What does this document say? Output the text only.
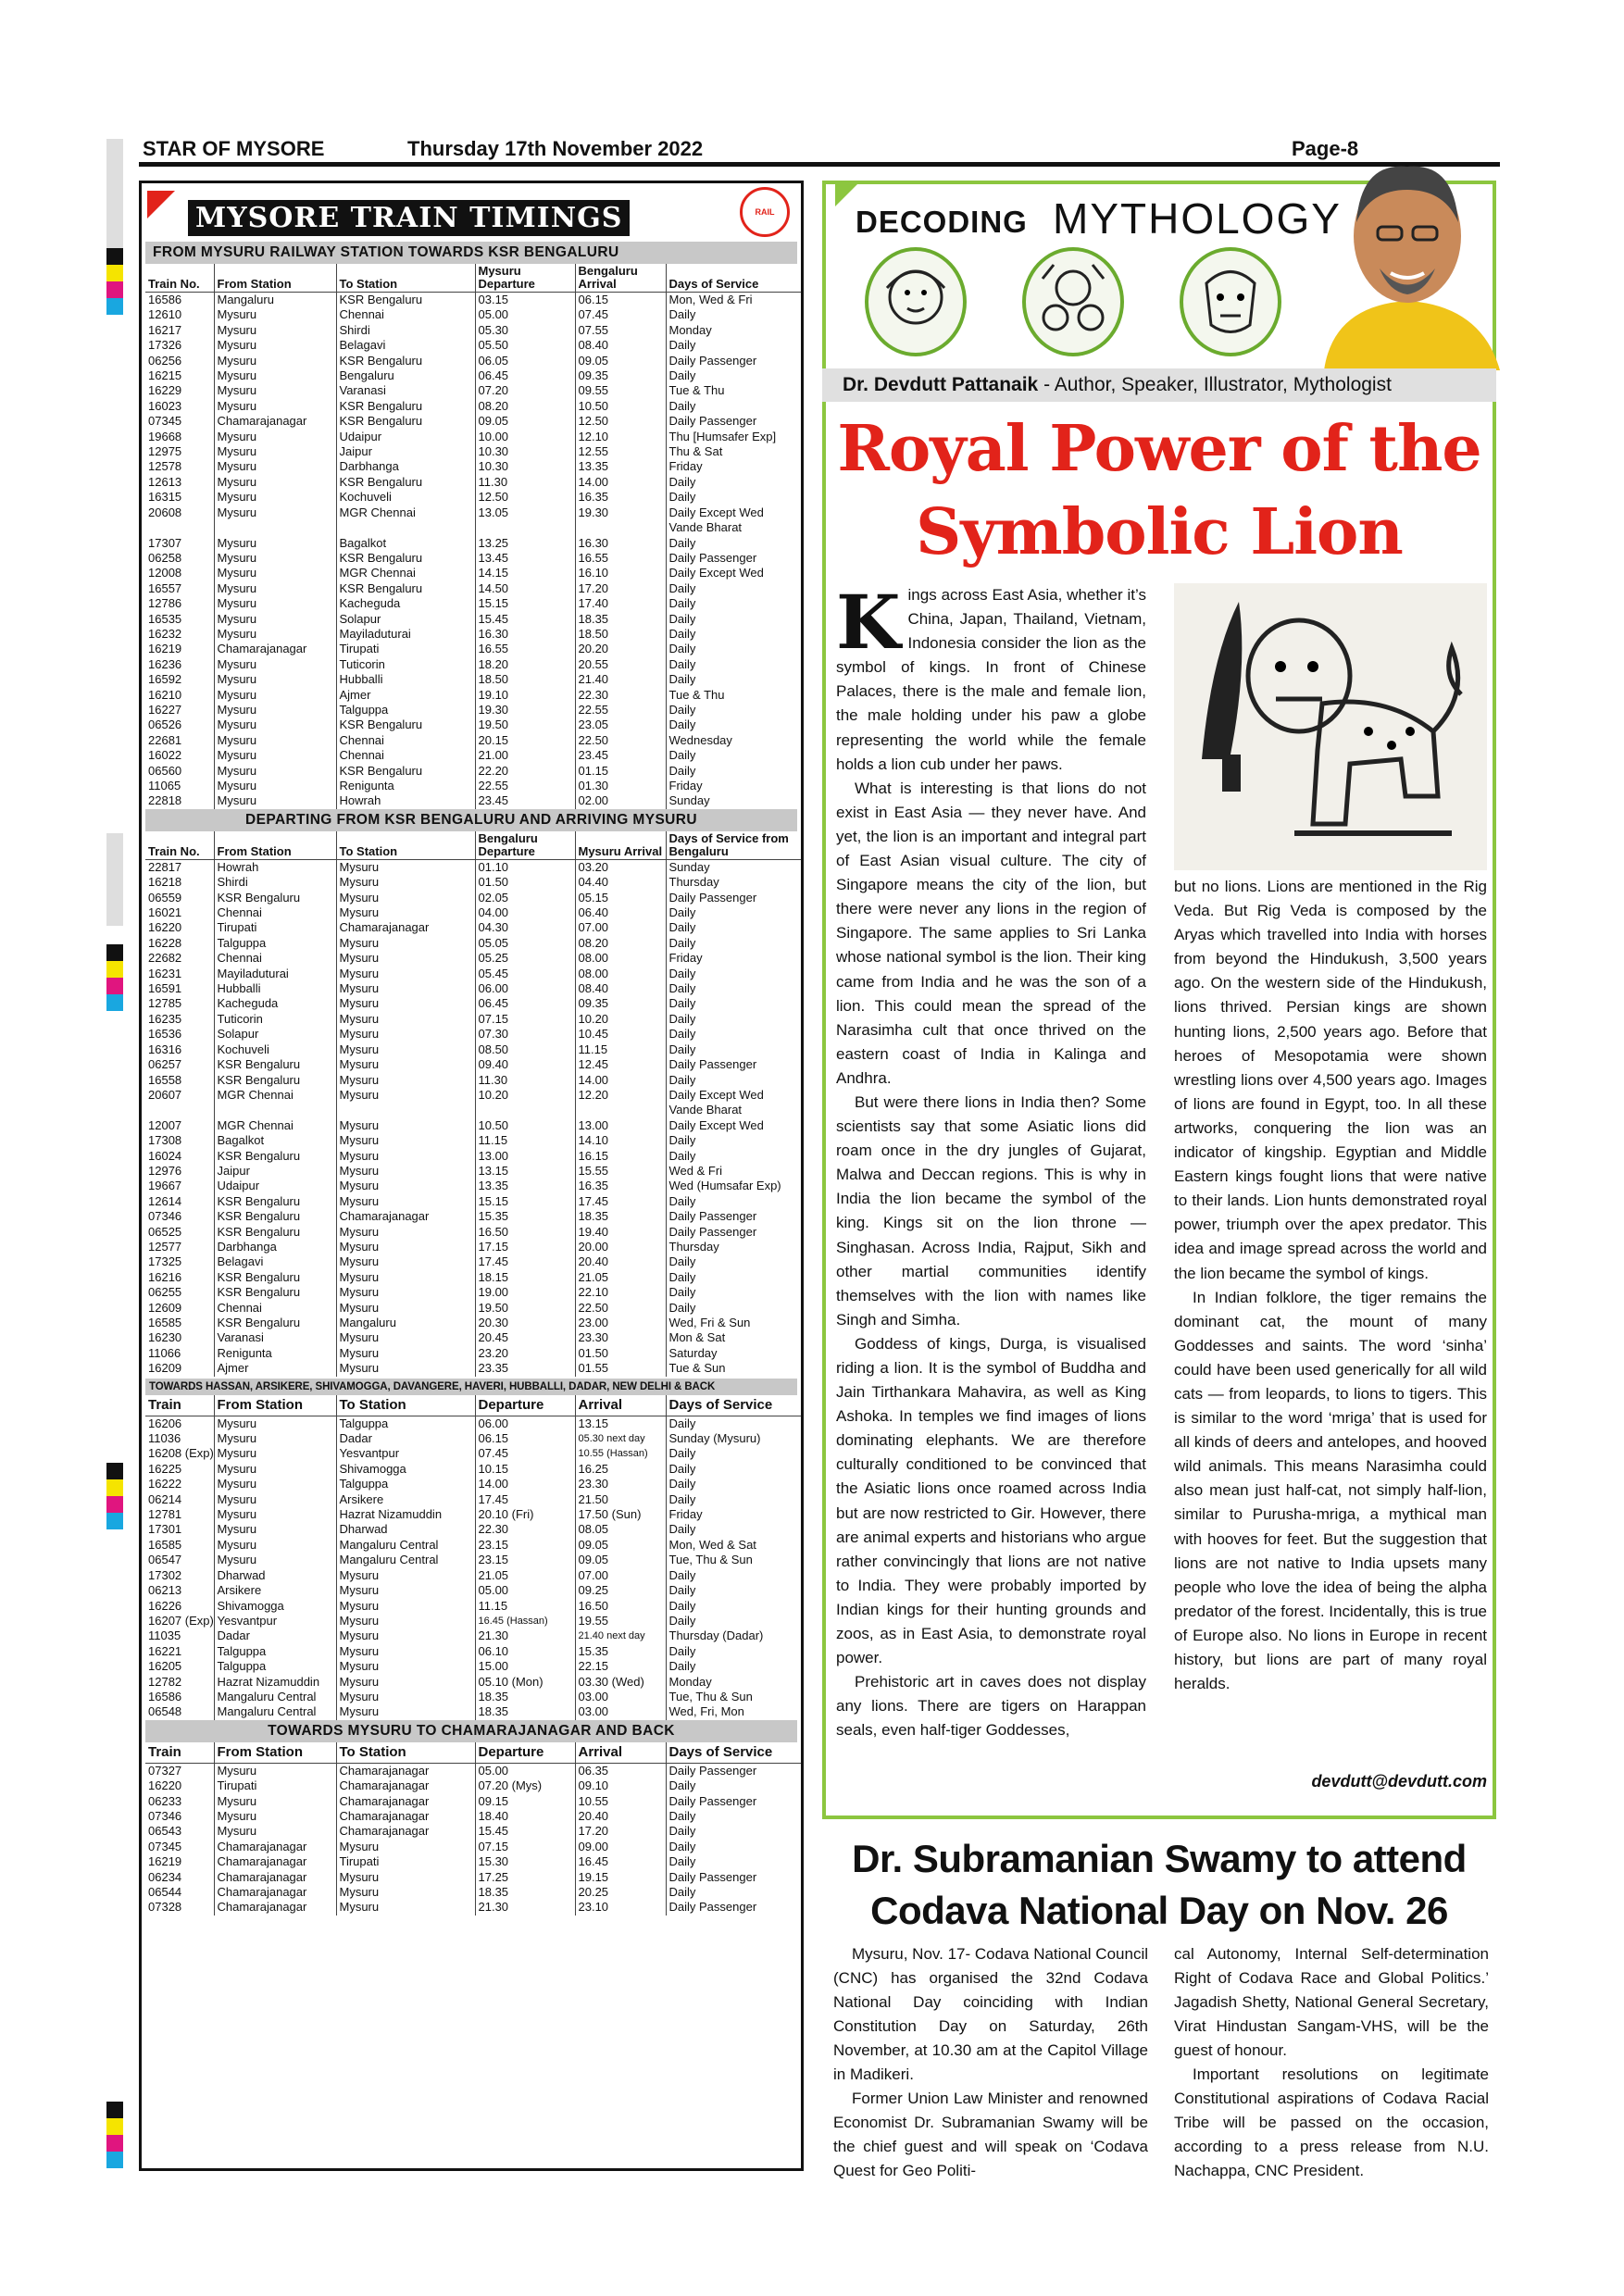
STAR OF MYSORE	Thursday 17th November 2022	Page-8
MYSORE TRAIN TIMINGS	RAIL
FROM MYSURU RAILWAY STATION TOWARDS KSR BENGALURU
Train No.	From Station	To Station	Mysuru Departure	Bengaluru Arrival	Days of Service
16586	Mangaluru	KSR Bengaluru	03.15	06.15	Mon, Wed & Fri
12610	Mysuru	Chennai	05.00	07.45	Daily
16217	Mysuru	Shirdi	05.30	07.55	Monday
17326	Mysuru	Belagavi	05.50	08.40	Daily
06256	Mysuru	KSR Bengaluru	06.05	09.05	Daily Passenger
16215	Mysuru	Bengaluru	06.45	09.35	Daily
16229	Mysuru	Varanasi	07.20	09.55	Tue & Thu
16023	Mysuru	KSR Bengaluru	08.20	10.50	Daily
07345	Chamarajanagar	KSR Bengaluru	09.05	12.50	Daily Passenger
19668	Mysuru	Udaipur	10.00	12.10	Thu [Humsafer Exp]
12975	Mysuru	Jaipur	10.30	12.55	Thu & Sat
12578	Mysuru	Darbhanga	10.30	13.35	Friday
12613	Mysuru	KSR Bengaluru	11.30	14.00	Daily
16315	Mysuru	Kochuveli	12.50	16.35	Daily
20608	Mysuru	MGR Chennai	13.05	19.30	Daily Except Wed Vande Bharat
17307	Mysuru	Bagalkot	13.25	16.30	Daily
06258	Mysuru	KSR Bengaluru	13.45	16.55	Daily Passenger
12008	Mysuru	MGR Chennai	14.15	16.10	Daily Except Wed
16557	Mysuru	KSR Bengaluru	14.50	17.20	Daily
12786	Mysuru	Kacheguda	15.15	17.40	Daily
16535	Mysuru	Solapur	15.45	18.35	Daily
16232	Mysuru	Mayiladuturai	16.30	18.50	Daily
16219	Chamarajanagar	Tirupati	16.55	20.20	Daily
16236	Mysuru	Tuticorin	18.20	20.55	Daily
16592	Mysuru	Hubballi	18.50	21.40	Daily
16210	Mysuru	Ajmer	19.10	22.30	Tue & Thu
16227	Mysuru	Talguppa	19.30	22.55	Daily
06526	Mysuru	KSR Bengaluru	19.50	23.05	Daily
22681	Mysuru	Chennai	20.15	22.50	Wednesday
16022	Mysuru	Chennai	21.00	23.45	Daily
06560	Mysuru	KSR Bengaluru	22.20	01.15	Daily
11065	Mysuru	Renigunta	22.55	01.30	Friday
22818	Mysuru	Howrah	23.45	02.00	Sunday
DEPARTING FROM KSR BENGALURU AND ARRIVING MYSURU
Train No.	From Station	To Station	Bengaluru Departure	Mysuru Arrival	Days of Service from Bengaluru
22817	Howrah	Mysuru	01.10	03.20	Sunday
16218	Shirdi	Mysuru	01.50	04.40	Thursday
06559	KSR Bengaluru	Mysuru	02.05	05.15	Daily Passenger
16021	Chennai	Mysuru	04.00	06.40	Daily
16220	Tirupati	Chamarajanagar	04.30	07.00	Daily
16228	Talguppa	Mysuru	05.05	08.20	Daily
22682	Chennai	Mysuru	05.25	08.00	Friday
16231	Mayiladuturai	Mysuru	05.45	08.00	Daily
16591	Hubballi	Mysuru	06.00	08.40	Daily
12785	Kacheguda	Mysuru	06.45	09.35	Daily
16235	Tuticorin	Mysuru	07.15	10.20	Daily
16536	Solapur	Mysuru	07.30	10.45	Daily
16316	Kochuveli	Mysuru	08.50	11.15	Daily
06257	KSR Bengaluru	Mysuru	09.40	12.45	Daily Passenger
16558	KSR Bengaluru	Mysuru	11.30	14.00	Daily
20607	MGR Chennai	Mysuru	10.20	12.20	Daily Except Wed Vande Bharat
12007	MGR Chennai	Mysuru	10.50	13.00	Daily Except Wed
17308	Bagalkot	Mysuru	11.15	14.10	Daily
16024	KSR Bengaluru	Mysuru	13.00	16.15	Daily
12976	Jaipur	Mysuru	13.15	15.55	Wed & Fri
19667	Udaipur	Mysuru	13.35	16.35	Wed (Humsafar Exp)
12614	KSR Bengaluru	Mysuru	15.15	17.45	Daily
07346	KSR Bengaluru	Chamarajanagar	15.35	18.35	Daily Passenger
06525	KSR Bengaluru	Mysuru	16.50	19.40	Daily Passenger
12577	Darbhanga	Mysuru	17.15	20.00	Thursday
17325	Belagavi	Mysuru	17.45	20.40	Daily
16216	KSR Bengaluru	Mysuru	18.15	21.05	Daily
06255	KSR Bengaluru	Mysuru	19.00	22.10	Daily
12609	Chennai	Mysuru	19.50	22.50	Daily
16585	KSR Bengaluru	Mangaluru	20.30	23.00	Wed, Fri & Sun
16230	Varanasi	Mysuru	20.45	23.30	Mon & Sat
11066	Renigunta	Mysuru	23.20	01.50	Saturday
16209	Ajmer	Mysuru	23.35	01.55	Tue & Sun
TOWARDS HASSAN, ARSIKERE, SHIVAMOGGA, DAVANGERE, HAVERI, HUBBALLI, DADAR, NEW DELHI & BACK
Train	From Station	To Station	Departure	Arrival	Days of Service
16206	Mysuru	Talguppa	06.00	13.15	Daily
11036	Mysuru	Dadar	06.15	05.30 next day	Sunday (Mysuru)
16208 (Exp)	Mysuru	Yesvantpur	07.45	10.55 (Hassan)	Daily
16225	Mysuru	Shivamogga	10.15	16.25	Daily
16222	Mysuru	Talguppa	14.00	23.30	Daily
06214	Mysuru	Arsikere	17.45	21.50	Daily
12781	Mysuru	Hazrat Nizamuddin	20.10 (Fri)	17.50 (Sun)	Friday
17301	Mysuru	Dharwad	22.30	08.05	Daily
16585	Mysuru	Mangaluru Central	23.15	09.05	Mon, Wed & Sat
06547	Mysuru	Mangaluru Central	23.15	09.05	Tue, Thu & Sun
17302	Dharwad	Mysuru	21.05	07.00	Daily
06213	Arsikere	Mysuru	05.00	09.25	Daily
16226	Shivamogga	Mysuru	11.15	16.50	Daily
16207 (Exp)	Yesvantpur	Mysuru	16.45 (Hassan)	19.55	Daily
11035	Dadar	Mysuru	21.30	21.40 next day	Thursday (Dadar)
16221	Talguppa	Mysuru	06.10	15.35	Daily
16205	Talguppa	Mysuru	15.00	22.15	Daily
12782	Hazrat Nizamuddin	Mysuru	05.10 (Mon)	03.30 (Wed)	Monday
16586	Mangaluru Central	Mysuru	18.35	03.00	Tue, Thu & Sun
06548	Mangaluru Central	Mysuru	18.35	03.00	Wed, Fri, Mon
TOWARDS MYSURU TO CHAMARAJANAGAR AND BACK
Train	From Station	To Station	Departure	Arrival	Days of Service
07327	Mysuru	Chamarajanagar	05.00	06.35	Daily Passenger
16220	Tirupati	Chamarajanagar	07.20 (Mys)	09.10	Daily
06233	Mysuru	Chamarajanagar	09.15	10.55	Daily Passenger
07346	Mysuru	Chamarajanagar	18.40	20.40	Daily
06543	Mysuru	Chamarajanagar	15.45	17.20	Daily
07345	Chamarajanagar	Mysuru	07.15	09.00	Daily
16219	Chamarajanagar	Tirupati	15.30	16.45	Daily
06234	Chamarajanagar	Mysuru	17.25	19.15	Daily Passenger
06544	Chamarajanagar	Mysuru	18.35	20.25	Daily
07328	Chamarajanagar	Mysuru	21.30	23.10	Daily Passenger
DECODING MYTHOLOGY
Dr. Devdutt Pattanaik - Author, Speaker, Illustrator, Mythologist
Royal Power of the Symbolic Lion

Kings across East Asia, whether it’s China, Japan, Thailand, Vietnam, Indonesia consider the lion as the symbol of kings. In front of Chinese Palaces, there is the male and female lion, the male holding under his paw a globe representing the world while the female holds a lion cub under her paws.

What is interesting is that lions do not exist in East Asia — they never have. And yet, the lion is an important and integral part of East Asian visual culture. The city of Singapore means the city of the lion, but there were never any lions in the region of Singapore. The same applies to Sri Lanka whose national symbol is the lion. Their king came from India and he was the son of a lion. This could mean the spread of the Narasimha cult that once thrived on the eastern coast of India in Kalinga and Andhra.

But were there lions in India then? Some scientists say that some Asiatic lions did roam once in the dry jungles of Gujarat, Malwa and Deccan regions. This is why in India the lion became the symbol of the king. Kings sit on the lion throne — Singhasan. Across India, Rajput, Sikh and other martial communities identify themselves with the lion with names like Singh and Simha.

Goddess of kings, Durga, is visualised riding a lion. It is the symbol of Buddha and Jain Tirthankara Mahavira, as well as King Ashoka. In temples we find images of lions dominating elephants. We are therefore culturally conditioned to be convinced that the Asiatic lions once roamed across India but are now restricted to Gir. However, there are animal experts and historians who argue rather convincingly that lions are not native to India. They were probably imported by Indian kings for their hunting grounds and zoos, as in East Asia, to demonstrate royal power.

Prehistoric art in caves does not display any lions. There are tigers on Harappan seals, even half-tiger Goddesses,

but no lions. Lions are mentioned in the Rig Veda. But Rig Veda is composed by the Aryas which travelled into India with horses from beyond the Hindukush, 3,500 years ago. On the western side of the Hindukush, lions thrived. Persian kings are shown hunting lions, 2,500 years ago. Before that heroes of Mesopotamia were shown wrestling lions over 4,500 years ago. Images of lions are found in Egypt, too. In all these artworks, conquering the lion was an indicator of kingship. Egyptian and Middle Eastern kings fought lions that were native to their lands. Lion hunts demonstrated royal power, triumph over the apex predator. This idea and image spread across the world and the lion became the symbol of kings.

In Indian folklore, the tiger remains the dominant cat, the mount of many Goddesses and saints. The word ‘sinha’ could have been used generically for all wild cats — from leopards, to lions to tigers. This is similar to the word ‘mriga’ that is used for all kinds of deers and antelopes, and hooved wild animals. This means Narasimha could also mean just half-cat, not simply half-lion, similar to Purusha-mriga, a mythical man with hooves for feet. But the suggestion that lions are not native to India upsets many people who love the idea of being the alpha predator of the forest. Incidentally, this is true of Europe also. No lions in Europe in recent history, but lions are part of many royal heralds.

devdutt@devdutt.com
Dr. Subramanian Swamy to attend Codava National Day on Nov. 26

Mysuru, Nov. 17- Codava National Council (CNC) has organised the 32nd Codava National Day coinciding with Indian Constitution Day on Saturday, 26th November, at 10.30 am at the Capitol Village in Madikeri.

Former Union Law Minister and renowned Economist Dr. Subramanian Swamy will be the chief guest and will speak on ‘Codava Quest for Geo Politi-

cal Autonomy, Internal Self-determination Right of Codava Race and Global Politics.’ Jagadish Shetty, National General Secretary, Virat Hindustan Sangam-VHS, will be the guest of honour.

Important resolutions on legitimate Constitutional aspirations of Codava Racial Tribe will be passed on the occasion, according to a press release from N.U. Nachappa, CNC President.
